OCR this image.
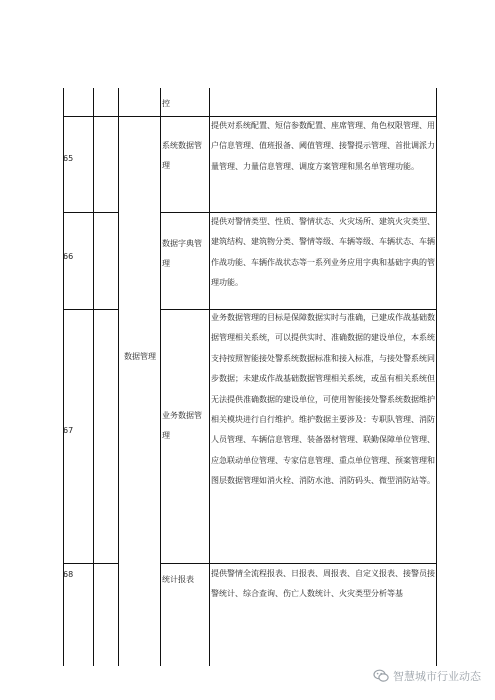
控
数据管理
65
系统数据管理
提供对系统配置、短信参数配置、座席管理、角色权限管理、用户信息管理、值班报备、阈值管理、接警提示管理、首批调派力量管理、力量信息管理、调度方案管理和黑名单管理功能。
66
数据字典管理
提供对警情类型、性质、警情状态、火灾场所、建筑火灾类型、建筑结构、建筑物分类、警情等级、车辆等级、车辆状态、车辆作战功能、车辆作战状态等一系列业务应用字典和基础字典的管理功能。
67
业务数据管理
业务数据管理的目标是保障数据实时与准确，已建成作战基础数据管理相关系统，可以提供实时、准确数据的建设单位，本系统支持按照智能接处警系统数据标准和接入标准，与接处警系统同步数据；未建成作战基础数据管理相关系统，或虽有相关系统但无法提供准确数据的建设单位，可使用智能接处警系统数据维护相关模块进行自行维护。维护数据主要涉及：专职队管理、消防人员管理、车辆信息管理、装备器材管理、联勤保障单位管理、应急联动单位管理、专家信息管理、重点单位管理、预案管理和图层数据管理如消火栓、消防水池、消防码头、微型消防站等。
68
统计报表
提供警情全流程报表、日报表、周报表、自定义报表、接警员接警统计、综合查询、伤亡人数统计、火灾类型分析等基
智慧城市行业动态
